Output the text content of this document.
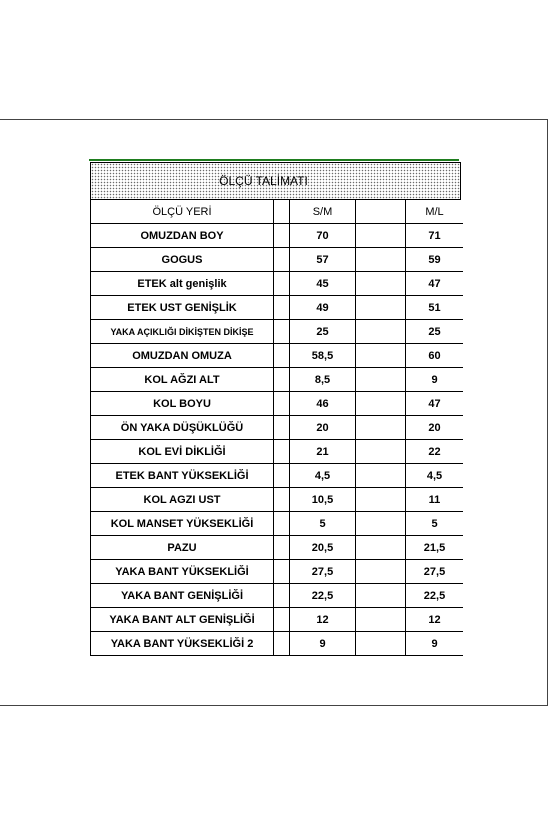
ÖLÇÜ TALİMATI
ÖLÇÜ YERİ	S/M	M/L
OMUZDAN BOY	70	71
GOGUS	57	59
ETEK alt genişlik	45	47
ETEK UST GENİŞLİK	49	51
YAKA AÇIKLIĞI DİKİŞTEN DİKİŞE	25	25
OMUZDAN OMUZA	58,5	60
KOL AĞZI ALT	8,5	9
KOL BOYU	46	47
ÖN YAKA DÜŞÜKLÜĞÜ	20	20
KOL EVİ DİKLİĞİ	21	22
ETEK BANT YÜKSEKLİĞİ	4,5	4,5
KOL AGZI UST	10,5	11
KOL MANSET YÜKSEKLİĞİ	5	5
PAZU	20,5	21,5
YAKA BANT YÜKSEKLİĞİ	27,5	27,5
YAKA BANT GENİŞLİĞİ	22,5	22,5
YAKA BANT ALT GENİŞLİĞİ	12	12
YAKA BANT YÜKSEKLİĞİ 2	9	9
